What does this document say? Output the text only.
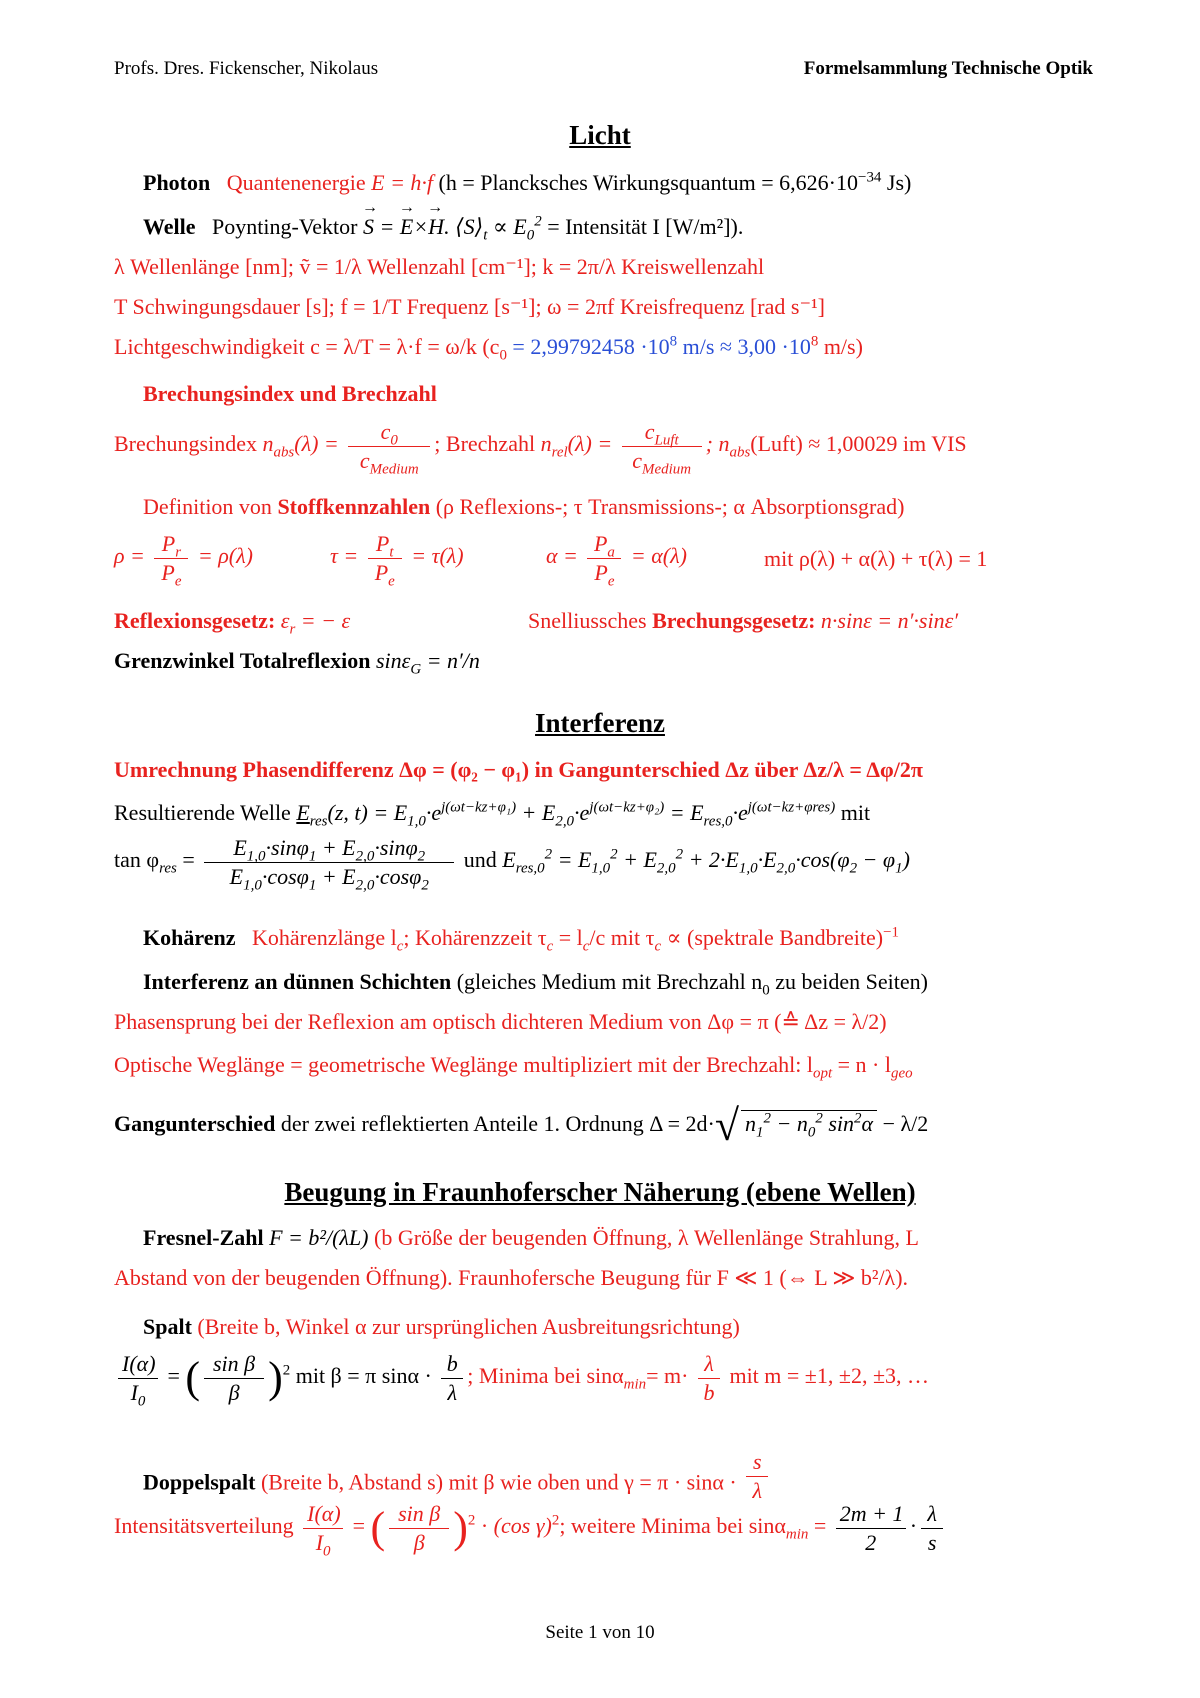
Profs. Dres. Fickenscher, Nikolaus	Formelsammlung Technische Optik
Licht
Photon Quantenenergie E = h·f (h = Plancksches Wirkungsquantum = $6,626\cdot 10^{-34}$ Js)
Welle Poynting-Vektor S → = E →×H →. $⟨S⟩_t \propto E_0^2$ = Intensität I [W/m²]).
λ Wellenlänge [nm]; ṽ = 1/λ Wellenzahl [cm⁻¹]; k = 2π/λ Kreiswellenzahl
T Schwingungsdauer [s]; f = 1/T Frequenz [s⁻¹]; ω = 2πf Kreisfrequenz [rad s⁻¹]
Lichtgeschwindigkeit c = λ/T = λ·f = ω/k ($c_0 = 2,99792458 \cdot 10^8$ $m/s \approx 3,00 \cdot 10^8$ m/s)
Brechungsindex und Brechzahl
Brechungsindex $n_{abs}(\lambda) = \frac{c_0}{c_{Medium}}$ ; Brechzahl $n_{rel}(\lambda) = \frac{c_{Luft}}{c_{Medium}}$ ; $n_{abs}(Luft) \approx 1,00029$ im VIS
Definition von Stoffkennzahlen (ρ Reflexions-; τ Transmissions-; α Absorptionsgrad)
$\rho = \frac{P_r}{P_e} = \rho(\lambda)$	$\tau = \frac{P_t}{P_e} = \tau(\lambda)$	$\alpha = \frac{P_a}{P_e} = \alpha(\lambda)$	mit ρ(λ) + α(λ) + τ(λ) = 1
Reflexionsgesetz: $\varepsilon_r$ = − ε	Snelliussches Brechungsgesetz: n·sinε = n′·sinε′
Grenzwinkel Totalreflexion sinε$_G$ = n′/n
Interferenz
Umrechnung Phasendifferenz Δφ = (φ₂ − φ₁) in Gangunterschied Δz über Δz/λ = Δφ/2π
Resultierende Welle $E_{res}(z$, $t) = E_{1,0}\cdot e^{j(\omega t-kz+\varphi_1)} + E_{2,0}\cdot e^{j(\omega t-kz+\varphi_2)} = E_{res,0}\cdot e^{j(\omega t-kz+\varphi res)}$ mit
$\tan \varphi_{res} = \frac{E_{1,0}\cdot\sin\varphi_1 + E_{2,0}\cdot\sin\varphi_2}{E_{1,0}\cdot\cos\varphi_1 + E_{2,0}\cdot\cos\varphi_2}$ und $E_{res,0}^2 = E_{1,0}^2 + E_{2,0}^2 + 2\cdot E_{1,0}\cdot E_{2,0}\cdot\cos(\varphi_2 - \varphi_1)$
Kohärenz Kohärenzlänge $l_c$; Kohärenzzeit $\tau_c = l_c/c$ mit $\tau_c$ ∝ (spektrale Bandbreite)$^{-1}$
Interferenz an dünnen Schichten (gleiches Medium mit Brechzahl $n_0$ zu beiden Seiten)
Phasensprung bei der Reflexion am optisch dichteren Medium von Δφ = π (≙ Δz = λ/2)
Optische Weglänge = geometrische Weglänge multipliziert mit der Brechzahl: $l_{opt} = n \cdot l_{geo}$
Gangunterschied der zwei reflektierten Anteile 1. Ordnung Δ = 2d·√ $n_1^2 - n_0^2$ $\sin^2\alpha - \lambda/2$
Beugung in Fraunhoferscher Näherung (ebene Wellen)
Fresnel-Zahl F = b²/(λL) (b Größe der beugenden Öffnung, λ Wellenlänge Strahlung, L
Abstand von der beugenden Öffnung). Fraunhofersche Beugung für F ≪ 1 (⇔ L ≫ b²/λ).
Spalt (Breite b, Winkel α zur ursprünglichen Ausbreitungsrichtung)
$\frac{I(\alpha)}{I_0}$ = ( $\frac{\text{sin β}}{\beta} )^2$ mit β = π $\sin\alpha \cdot \frac{b}{\lambda}$ ; Minima bei $\sin\alpha_{min}= m\cdot \frac{\lambda}{b}$ mit m = ±1, ±2, ±3, …
Doppelspalt (Breite b, Abstand s) mit β wie oben und $\gamma = \pi \cdot \sin\alpha \cdot \frac{s}{\lambda}$
Intensitätsverteilung $\frac{I(\alpha)}{I_0}$ = ( $\frac{\text{sin β}}{\beta} )^2 \cdot (\cos$ γ)$^2$; weitere Minima bei $\sin\alpha_{min} = \frac{2m + 1}{2} \cdot \frac{\lambda}{s}$
Seite 1 von 10
